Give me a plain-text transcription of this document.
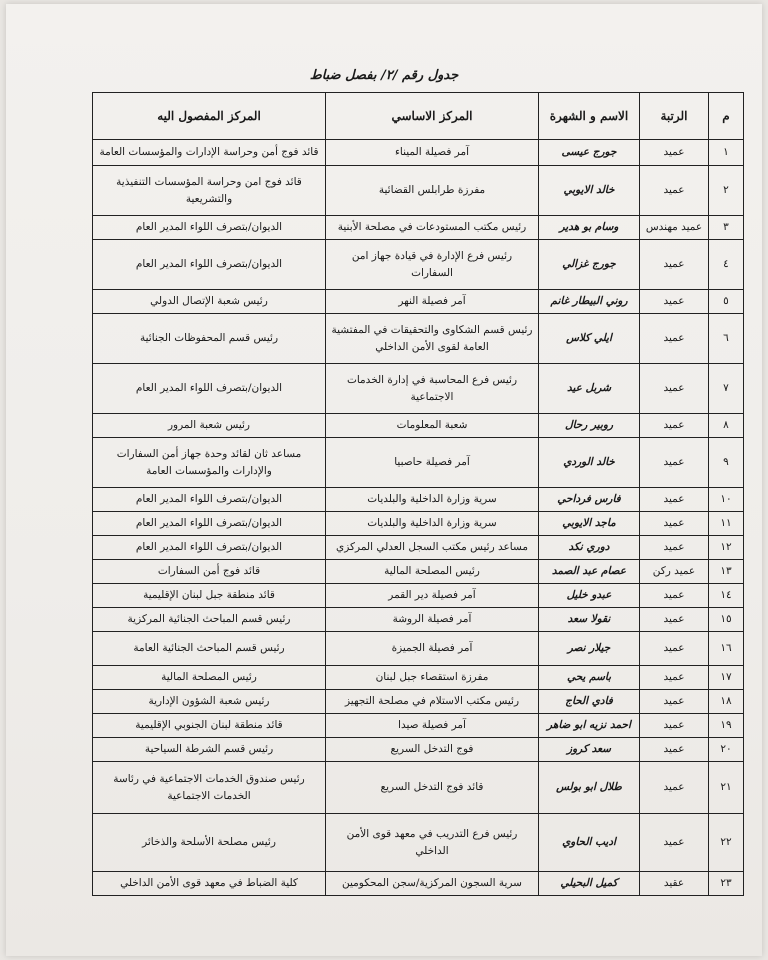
جدول رقم /٢/ بفصل ضباط
م	الرتبة	الاسم و الشهرة	المركز الاساسي	المركز المفصول اليه
١	عميد	جورج عيسى	آمر فصيلة الميناء	قائد فوج أمن وحراسة الإدارات والمؤسسات العامة
٢	عميد	خالد الايوبي	مفرزة طرابلس القضائية	قائد فوج امن وحراسة المؤسسات التنفيذية والتشريعية
٣	عميد مهندس	وسام بو هدير	رئيس مكتب المستودعات في مصلحة الأبنية	الديوان/بتصرف اللواء المدير العام
٤	عميد	جورج غزالي	رئيس فرع الإدارة في قيادة جهاز امن السفارات	الديوان/بتصرف اللواء المدير العام
٥	عميد	روني البيطار غانم	آمر فصيلة النهر	رئيس شعبة الإتصال الدولي
٦	عميد	ايلي كلاس	رئيس قسم الشكاوى والتحقيقات في المفتشية العامة لقوى الأمن الداخلي	رئيس قسم المحفوظات الجنائية
٧	عميد	شربل عيد	رئيس فرع المحاسبة في إدارة الخدمات الاجتماعية	الديوان/بتصرف اللواء المدير العام
٨	عميد	روبير رحال	شعبة المعلومات	رئيس شعبة المرور
٩	عميد	خالد الوردي	آمر فصيلة حاصبيا	مساعد ثان لقائد وحدة جهاز أمن السفارات والإدارات والمؤسسات العامة
١٠	عميد	فارس فرداحي	سرية وزارة الداخلية والبلديات	الديوان/بتصرف اللواء المدير العام
١١	عميد	ماجد الايوبي	سرية وزارة الداخلية والبلديات	الديوان/بتصرف اللواء المدير العام
١٢	عميد	دوري نكد	مساعد رئيس مكتب السجل العدلي المركزي	الديوان/بتصرف اللواء المدير العام
١٣	عميد ركن	عصام عبد الصمد	رئيس المصلحة المالية	قائد فوج أمن السفارات
١٤	عميد	عبدو خليل	آمر فصيلة دير القمر	قائد منطقة جبل لبنان الإقليمية
١٥	عميد	نقولا سعد	آمر فصيلة الروشة	رئيس قسم المباحث الجنائية المركزية
١٦	عميد	جيلار نصر	آمر فصيلة الجميزة	رئيس قسم المباحث الجنائية العامة
١٧	عميد	باسم يحي	مفرزة استقصاء جبل لبنان	رئيس المصلحة المالية
١٨	عميد	فادي الحاج	رئيس مكتب الاستلام في مصلحة التجهيز	رئيس شعبة الشؤون الإدارية
١٩	عميد	احمد نزيه ابو ضاهر	آمر فصيلة صيدا	قائد منطقة لبنان الجنوبي الإقليمية
٢٠	عميد	سعد كروز	فوج التدخل السريع	رئيس قسم الشرطة السياحية
٢١	عميد	طلال ابو بولس	قائد فوج التدخل السريع	رئيس صندوق الخدمات الاجتماعية في رئاسة الخدمات الاجتماعية
٢٢	عميد	اديب الحاوي	رئيس فرع التدريب في معهد قوى الأمن الداخلي	رئيس مصلحة الأسلحة والذخائر
٢٣	عقيد	كميل البحيلي	سرية السجون المركزية/سجن المحكومين	كلية الضباط في معهد قوى الأمن الداخلي
